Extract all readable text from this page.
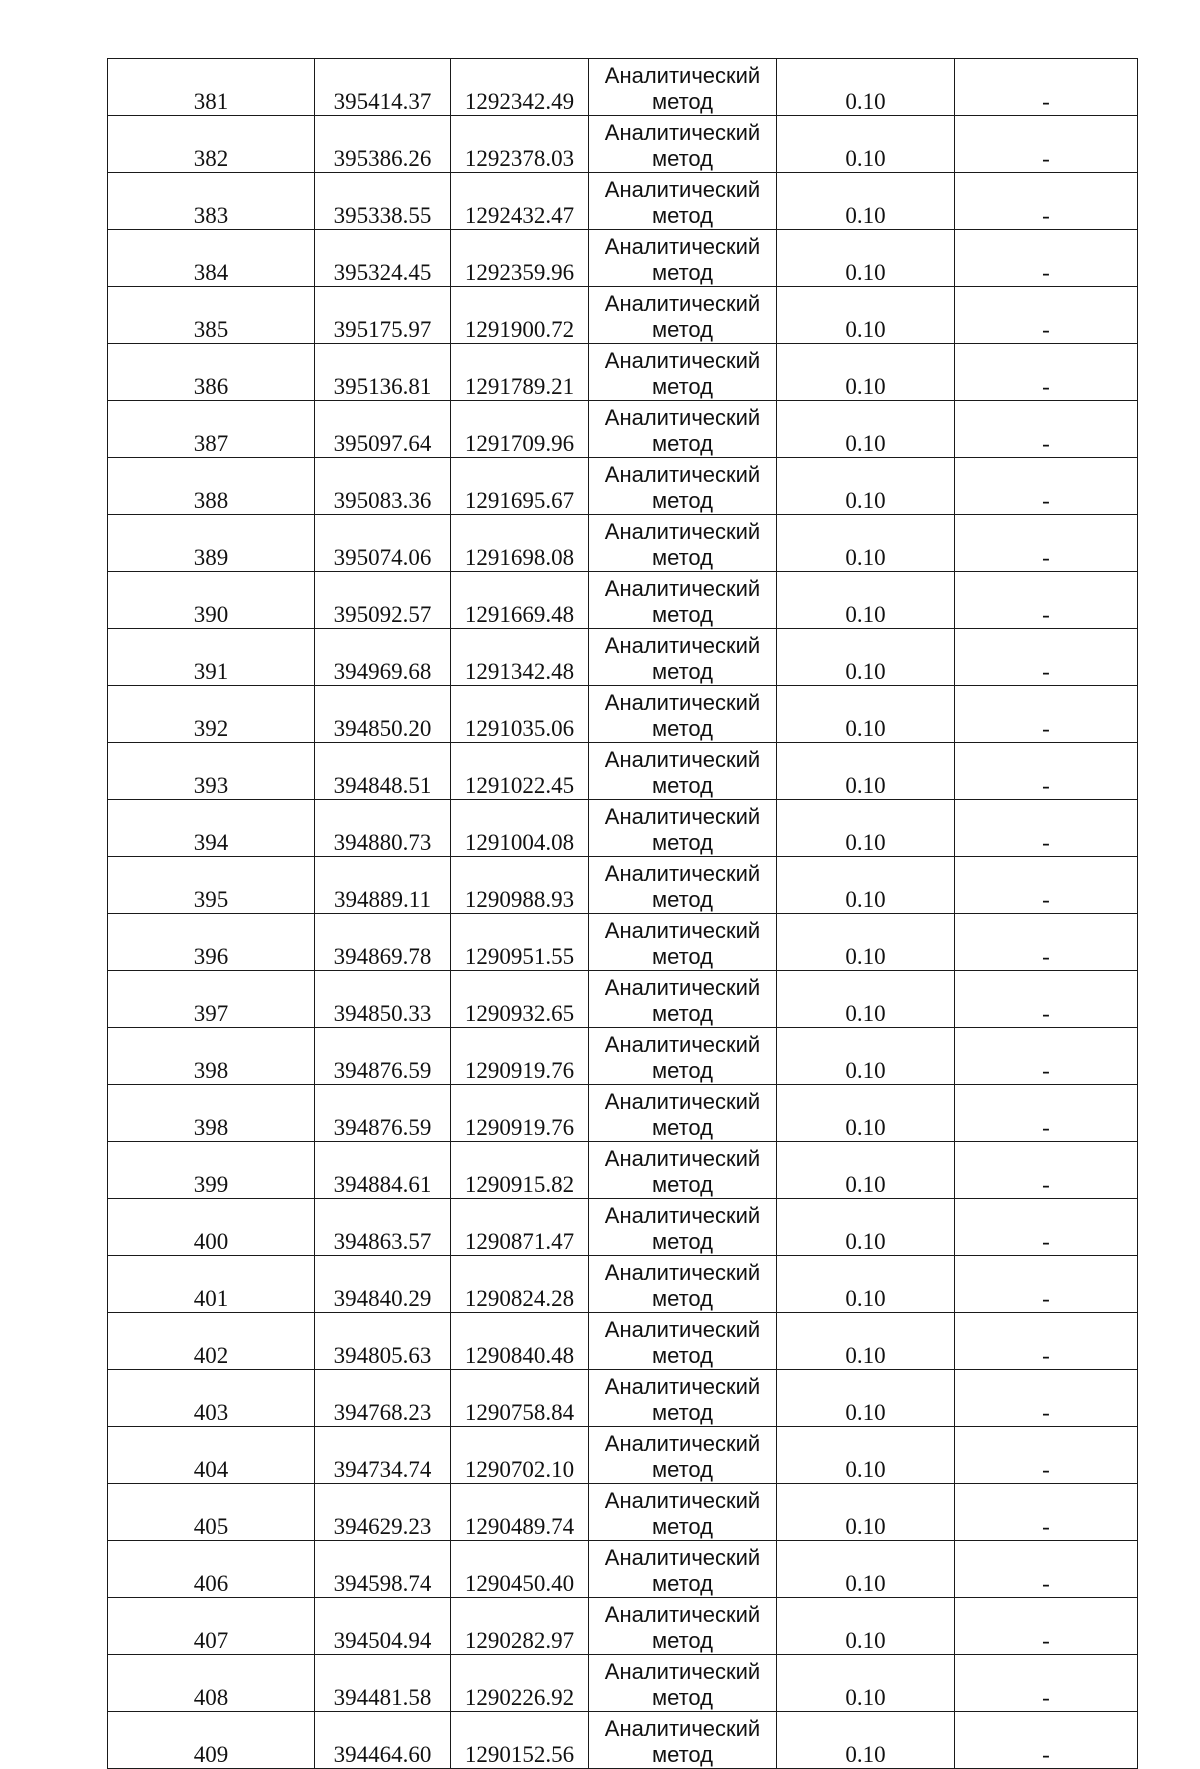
381	395414.37	1292342.49	Аналитический метод	0.10	-

382	395386.26	1292378.03	Аналитический метод	0.10	-

383	395338.55	1292432.47	Аналитический метод	0.10	-

384	395324.45	1292359.96	Аналитический метод	0.10	-

385	395175.97	1291900.72	Аналитический метод	0.10	-

386	395136.81	1291789.21	Аналитический метод	0.10	-

387	395097.64	1291709.96	Аналитический метод	0.10	-

388	395083.36	1291695.67	Аналитический метод	0.10	-

389	395074.06	1291698.08	Аналитический метод	0.10	-

390	395092.57	1291669.48	Аналитический метод	0.10	-

391	394969.68	1291342.48	Аналитический метод	0.10	-

392	394850.20	1291035.06	Аналитический метод	0.10	-

393	394848.51	1291022.45	Аналитический метод	0.10	-

394	394880.73	1291004.08	Аналитический метод	0.10	-

395	394889.11	1290988.93	Аналитический метод	0.10	-

396	394869.78	1290951.55	Аналитический метод	0.10	-

397	394850.33	1290932.65	Аналитический метод	0.10	-

398	394876.59	1290919.76	Аналитический метод	0.10	-

398	394876.59	1290919.76	Аналитический метод	0.10	-

399	394884.61	1290915.82	Аналитический метод	0.10	-

400	394863.57	1290871.47	Аналитический метод	0.10	-

401	394840.29	1290824.28	Аналитический метод	0.10	-

402	394805.63	1290840.48	Аналитический метод	0.10	-

403	394768.23	1290758.84	Аналитический метод	0.10	-

404	394734.74	1290702.10	Аналитический метод	0.10	-

405	394629.23	1290489.74	Аналитический метод	0.10	-

406	394598.74	1290450.40	Аналитический метод	0.10	-

407	394504.94	1290282.97	Аналитический метод	0.10	-

408	394481.58	1290226.92	Аналитический метод	0.10	-

409	394464.60	1290152.56	Аналитический метод	0.10	-
